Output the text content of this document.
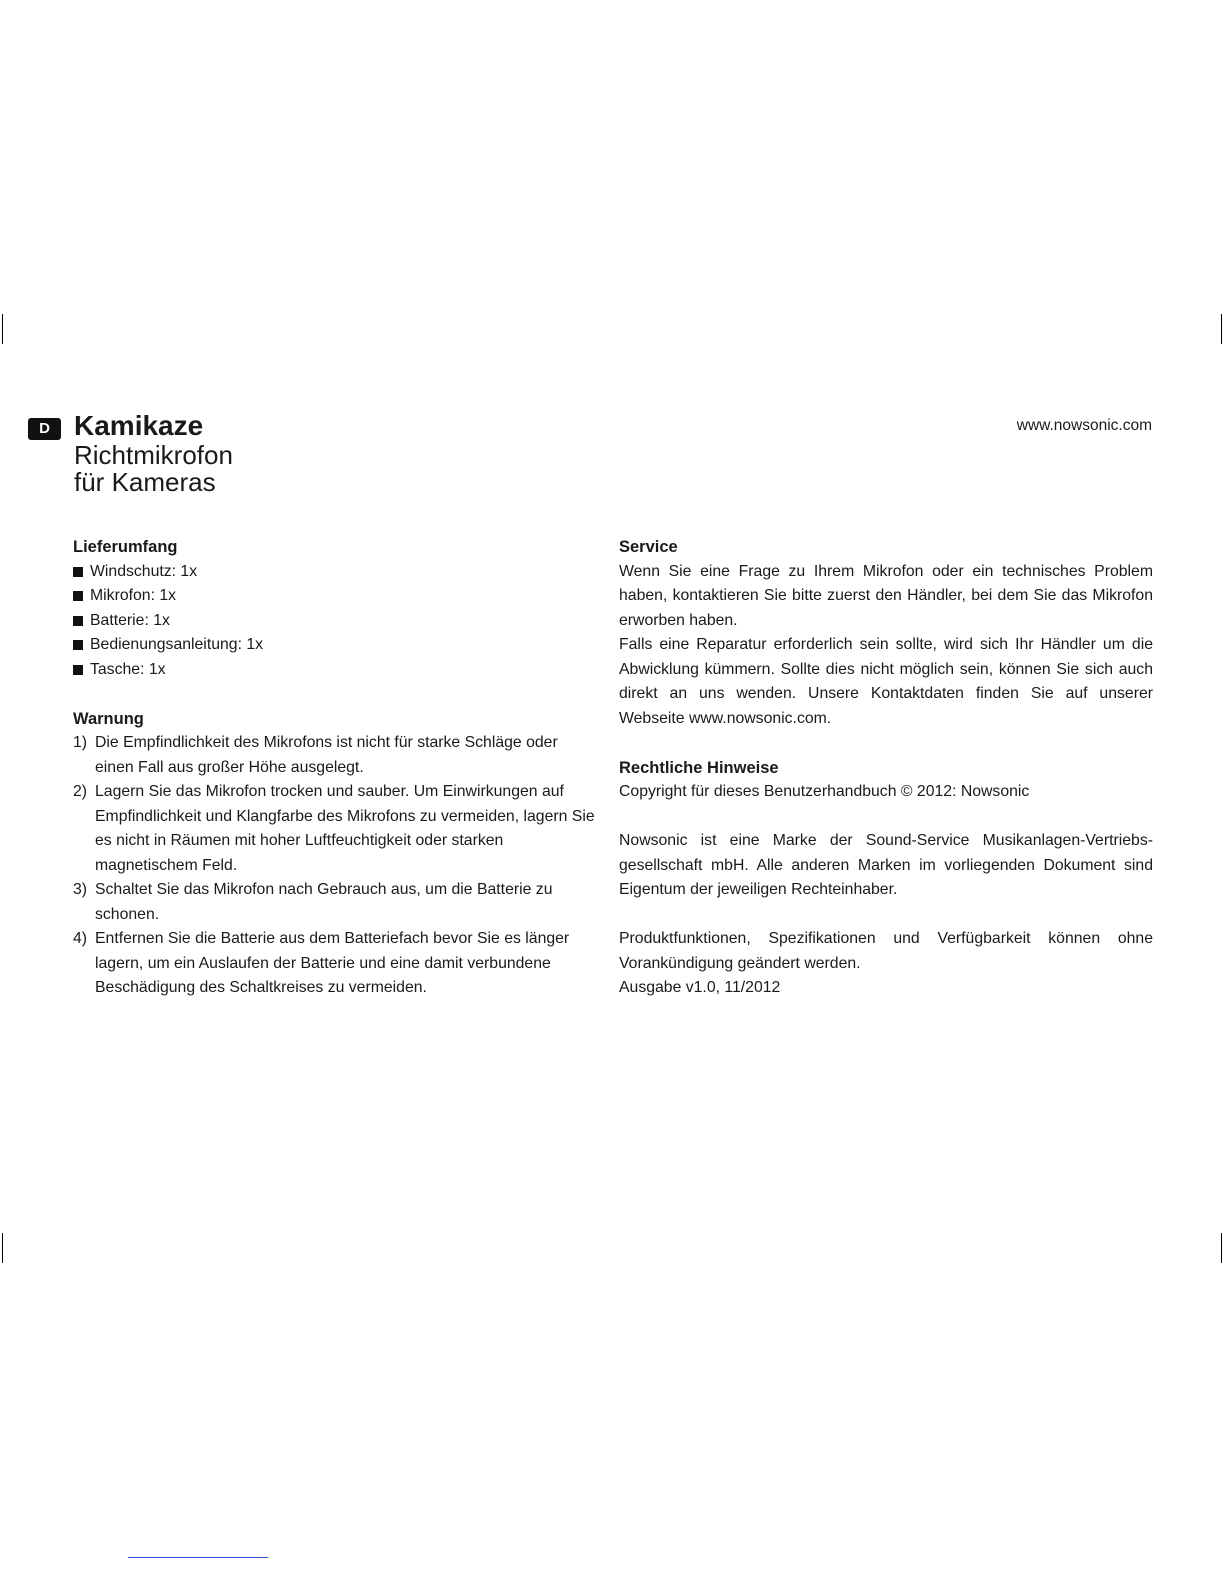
D Kamikaze

Richtmikrofon

für Kameras

www.nowsonic.com
Lieferumfang
Windschutz: 1x
Mikrofon: 1x
Batterie: 1x
Bedienungsanleitung: 1x
Tasche: 1x
Warnung
1) Die Empfindlichkeit des Mikrofons ist nicht für starke Schläge oder einen Fall aus großer Höhe ausgelegt.
2) Lagern Sie das Mikrofon trocken und sauber. Um Einwirkungen auf Empfindlichkeit und Klangfarbe des Mikrofons zu vermeiden, lagern Sie es nicht in Räumen mit hoher Luftfeuchtigkeit oder starken magnetischem Feld.
3) Schaltet Sie das Mikrofon nach Gebrauch aus, um die Batterie zu schonen.
4) Entfernen Sie die Batterie aus dem Batteriefach bevor Sie es länger lagern, um ein Auslaufen der Batterie und eine damit verbundene Beschädigung des Schaltkreises zu vermeiden.
Service

Wenn Sie eine Frage zu Ihrem Mikrofon oder ein technisches Problem haben, kontaktieren Sie bitte zuerst den Händler, bei dem Sie das Mikrofon erworben haben.

Falls eine Reparatur erforderlich sein sollte, wird sich Ihr Händler um die Abwicklung kümmern. Sollte dies nicht möglich sein, können Sie sich auch direkt an uns wenden. Unsere Kontaktdaten finden Sie auf unserer Webseite www.nowsonic.com.

Rechtliche Hinweise

Copyright für dieses Benutzerhandbuch © 2012: Nowsonic

Nowsonic ist eine Marke der Sound-Service Musikanlagen-Vertriebs-gesellschaft mbH. Alle anderen Marken im vorliegenden Dokument sind Eigentum der jeweiligen Rechteinhaber.

Produktfunktionen, Spezifikationen und Verfügbarkeit können ohne Vorankündigung geändert werden.

Ausgabe v1.0, 11/2012
